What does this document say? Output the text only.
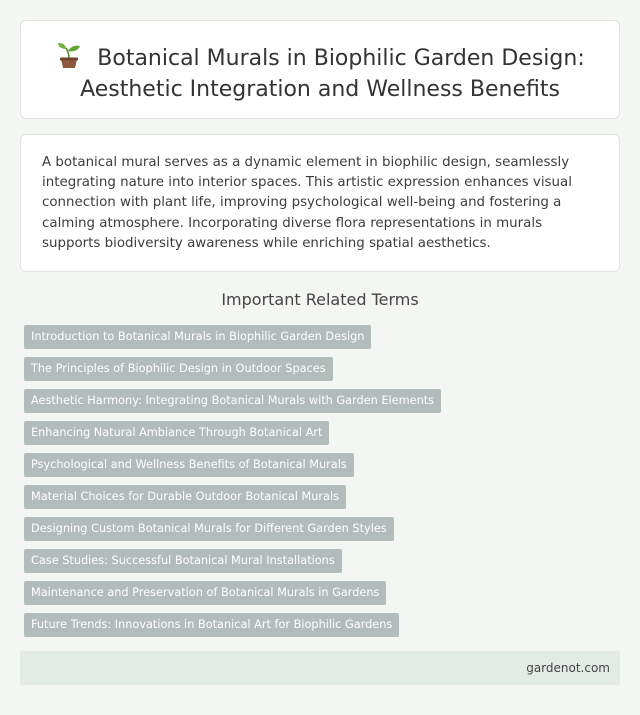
Botanical Murals in Biophilic Garden Design: Aesthetic Integration and Wellness Benefits

A botanical mural serves as a dynamic element in biophilic design, seamlessly integrating nature into interior spaces. This artistic expression enhances visual connection with plant life, improving psychological well-being and fostering a calming atmosphere. Incorporating diverse flora representations in murals supports biodiversity awareness while enriching spatial aesthetics.

Important Related Terms
Introduction to Botanical Murals in Biophilic Garden Design
The Principles of Biophilic Design in Outdoor Spaces
Aesthetic Harmony: Integrating Botanical Murals with Garden Elements
Enhancing Natural Ambiance Through Botanical Art
Psychological and Wellness Benefits of Botanical Murals
Material Choices for Durable Outdoor Botanical Murals
Designing Custom Botanical Murals for Different Garden Styles
Case Studies: Successful Botanical Mural Installations
Maintenance and Preservation of Botanical Murals in Gardens
Future Trends: Innovations in Botanical Art for Biophilic Gardens
gardenot.com
